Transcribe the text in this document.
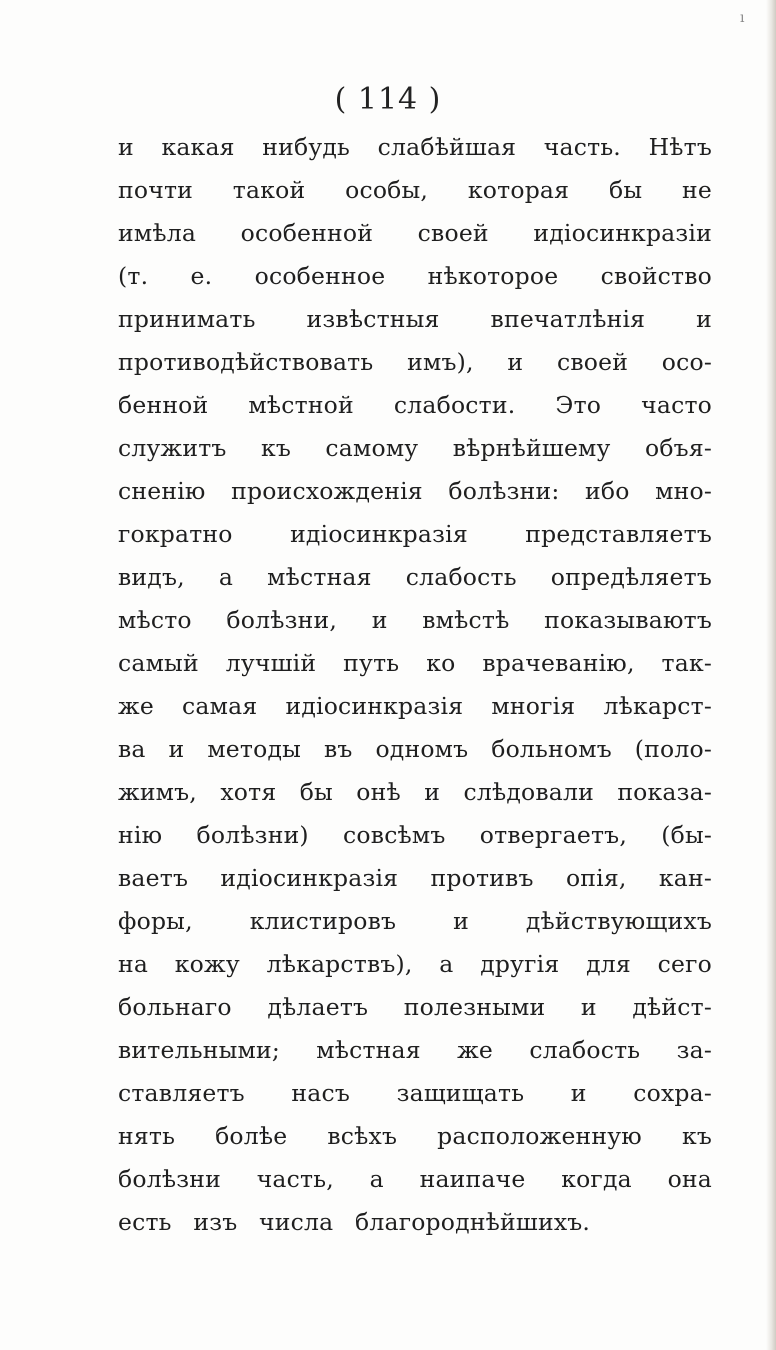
ı
( 114 )
и какая нибудь слабѣйшая часть. Нѣтъ
почти такой особы, которая бы не
имѣла особенной своей идіосинкразіи
(т. е. особенное нѣкоторое свойство
принимать извѣстныя впечатлѣнія и
противодѣйствовать имъ), и своей осо-
бенной мѣстной слабости. Это часто
служитъ къ самому вѣрнѣйшему объя-
сненію происхожденія болѣзни: ибо мно-
гократно идіосинкразія представляетъ
видъ, а мѣстная слабость опредѣляетъ
мѣсто болѣзни, и вмѣстѣ показываютъ
самый лучшій путь ко врачеванію, так-
же самая идіосинкразія многія лѣкарст-
ва и методы въ одномъ больномъ (поло-
жимъ, хотя бы онѣ и слѣдовали показа-
нію болѣзни) совсѣмъ отвергаетъ, (бы-
ваетъ идіосинкразія противъ опія, кан-
форы, клистировъ и дѣйствующихъ
на кожу лѣкарствъ), а другія для сего
больнаго дѣлаетъ полезными и дѣйст-
вительными; мѣстная же слабость за-
ставляетъ насъ защищать и сохра-
нять болѣе всѣхъ расположенную къ
болѣзни часть, а наипаче когда она
есть изъ числа благороднѣйшихъ.
